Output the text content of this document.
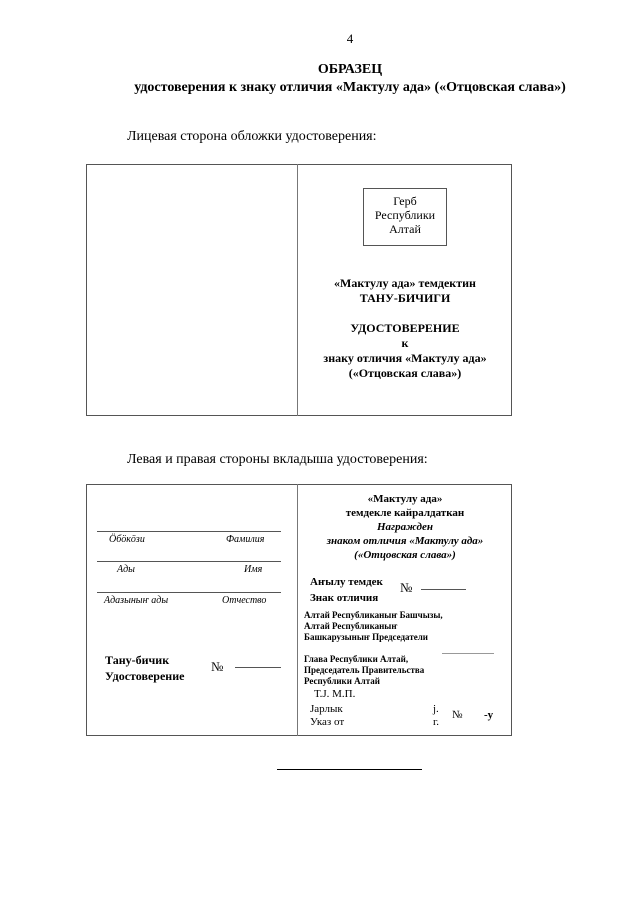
4
ОБРАЗЕЦ
удостоверения к знаку отличия «Мактулу ада» («Отцовская слава»)
Лицевая сторона обложки удостоверения:
Герб
Республики
Алтай
«Мактулу ада» темдектин
ТАНУ-БИЧИГИ
УДОСТОВЕРЕНИЕ
к
знаку отличия «Мактулу ада»
(«Отцовская слава»)
Левая и правая стороны вкладыша удостоверения:
Ӧбӧкӧзи	Фамилия
Ады	Имя
Адазыныҥ ады	Отчество
Тану-бичик
Удостоверение
№
«Мактулу ада»
темдекле кайралдаткан
Награжден
знаком отличия «Мактулу ада»
(«Отцовская слава»)
Аҥылу темдек
Знак отличия
№
Алтай Республиканыҥ Башчызы,
Алтай Республиканыҥ
Башкарузыныҥ Председатели
Глава Республики Алтай,
Председатель Правительства
Республики Алтай
Т.Ј. М.П.
Јарлык
Указ от
ј.
г.
№ -у
